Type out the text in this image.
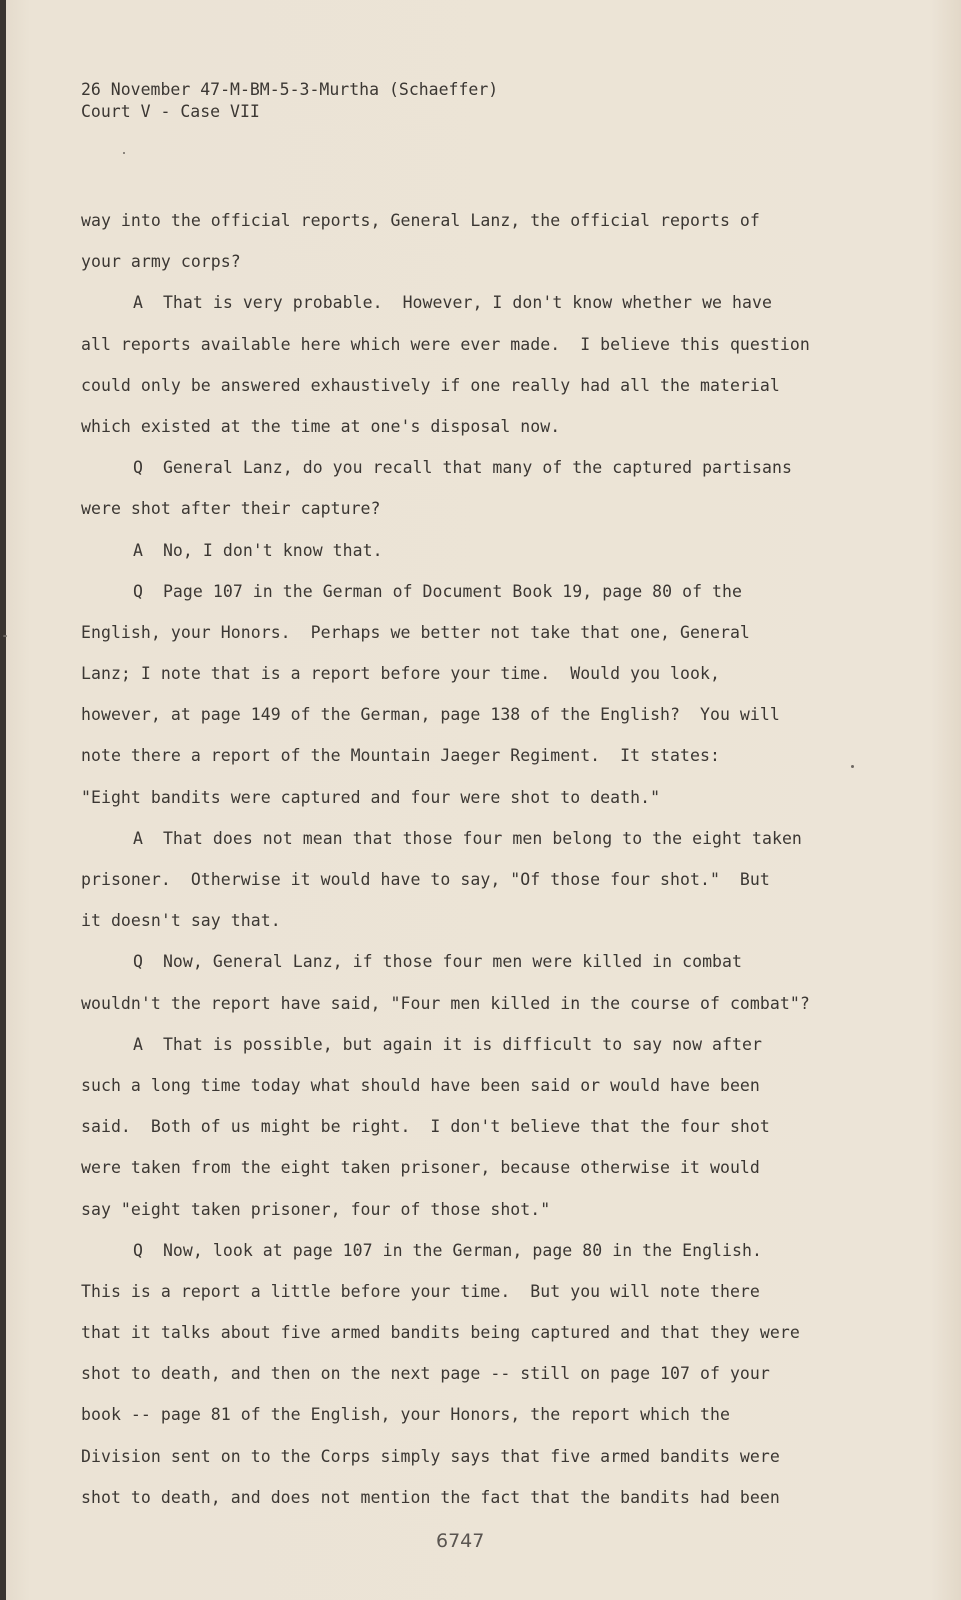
26 November 47-M-BM-5-3-Murtha (Schaeffer)
Court V - Case VII
way into the official reports, General Lanz, the official reports of
your army corps?
A  That is very probable.  However, I don't know whether we have
all reports available here which were ever made.  I believe this question
could only be answered exhaustively if one really had all the material
which existed at the time at one's disposal now.
Q  General Lanz, do you recall that many of the captured partisans
were shot after their capture?
A  No, I don't know that.
Q  Page 107 in the German of Document Book 19, page 80 of the
English, your Honors.  Perhaps we better not take that one, General
Lanz; I note that is a report before your time.  Would you look,
however, at page 149 of the German, page 138 of the English?  You will
note there a report of the Mountain Jaeger Regiment.  It states:
"Eight bandits were captured and four were shot to death."
A  That does not mean that those four men belong to the eight taken
prisoner.  Otherwise it would have to say, "Of those four shot."  But
it doesn't say that.
Q  Now, General Lanz, if those four men were killed in combat
wouldn't the report have said, "Four men killed in the course of combat"?
A  That is possible, but again it is difficult to say now after
such a long time today what should have been said or would have been
said.  Both of us might be right.  I don't believe that the four shot
were taken from the eight taken prisoner, because otherwise it would
say "eight taken prisoner, four of those shot."
Q  Now, look at page 107 in the German, page 80 in the English.
This is a report a little before your time.  But you will note there
that it talks about five armed bandits being captured and that they were
shot to death, and then on the next page -- still on page 107 of your
book -- page 81 of the English, your Honors, the report which the
Division sent on to the Corps simply says that five armed bandits were
shot to death, and does not mention the fact that the bandits had been
6747
